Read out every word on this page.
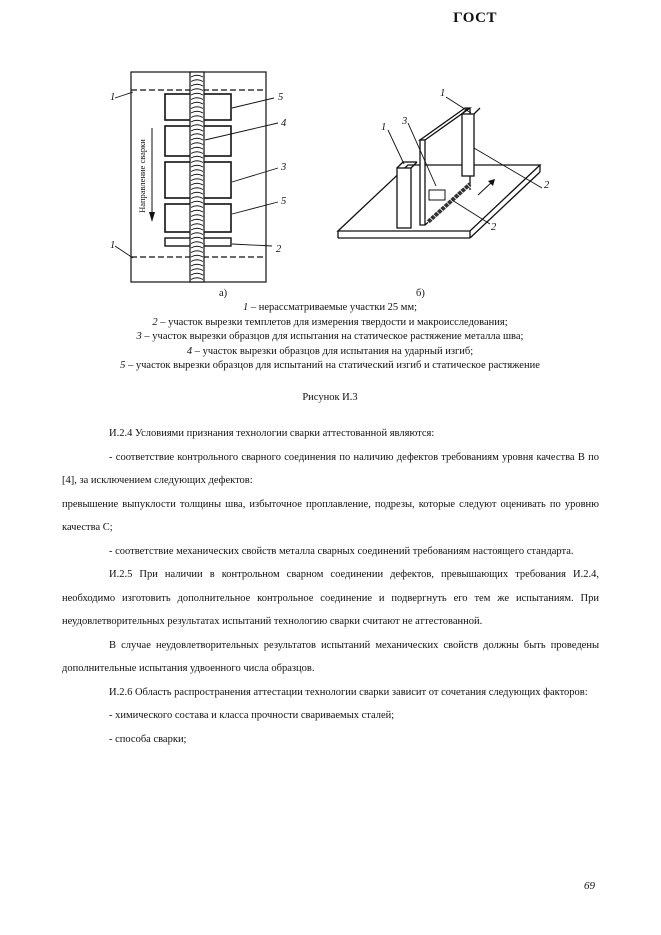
ГОСТ
Направление сварки
1	5
4
3
5
2
1
1
1
3
2
2
а)	б)
1 – нерассматриваемые участки 25 мм;
2 – участок вырезки темплетов для измерения твердости и макроисследования;
3 – участок вырезки образцов для испытания на статическое растяжение металла шва;
4 – участок вырезки образцов для испытания на ударный изгиб;
5 – участок вырезки образцов для испытаний на статический изгиб и статическое растяжение
Рисунок И.3

И.2.4 Условиями признания технологии сварки аттестованной являются:

- соответствие контрольного сварного соединения по наличию дефектов требованиям уровня качества B по [4], за исключением следующих дефектов:

превышение выпуклости толщины шва, избыточное проплавление, подрезы, которые следуют оценивать по уровню качества C;

- соответствие механических свойств металла сварных соединений требованиям настоящего стандарта.

И.2.5 При наличии в контрольном сварном соединении дефектов, превышающих требования И.2.4, необходимо изготовить дополнительное контрольное соединение и подвергнуть его тем же испытаниям. При неудовлетворительных результатах испытаний технологию сварки считают не аттестованной.

В случае неудовлетворительных результатов испытаний механических свойств должны быть проведены дополнительные испытания удвоенного числа образцов.

И.2.6 Область распространения аттестации технологии сварки зависит от сочетания следующих факторов:

- химического состава и класса прочности свариваемых сталей;

- способа сварки;

69
